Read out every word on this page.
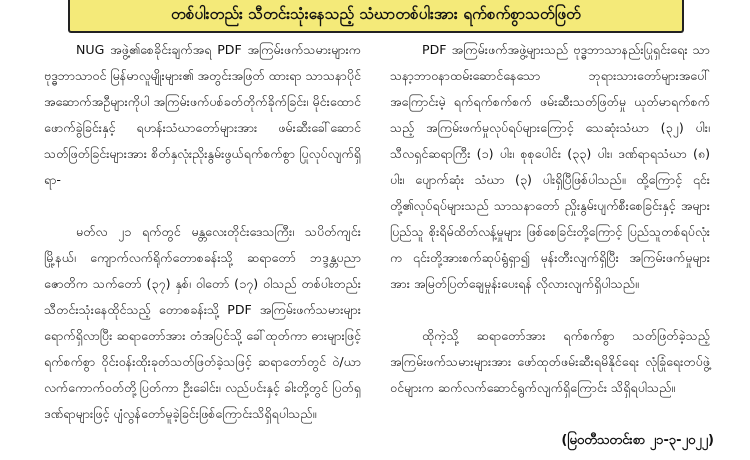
တစ်ပါးတည်း သီတင်းသုံးနေသည့် သံဃာတစ်ပါးအား ရက်စက်စွာသတ်ဖြတ်

NUG အဖွဲ့၏စေခိုင်းချက်အရ PDF အကြမ်းဖက်သမားများက ဗုဒ္ဓဘာသာဝင် မြန်မာလူမျိုးများ၏ အတွင်းအဖြတ် ထားရာ သာသနာပိုင်အဆောက်အဦများကိုပါ အကြမ်းဖက်ပစ်ခတ်တိုက်ခိုက်ခြင်း၊ မိုင်းထောင်ဖောက်ခွဲခြင်းနှင့် ရဟန်းသံဃာတော်များအား ဖမ်းဆီးခေါ်ဆောင်သတ်ဖြတ်ခြင်းများအား စိတ်နှလုံးညိုးနွမ်းဖွယ်ရက်စက်စွာ ပြုလုပ်လျက်ရှိရာ-

မတ်လ ၂၁ ရက်တွင် မန္တလေးတိုင်းဒေသကြီး၊ သပိတ်ကျင်းမြို့နယ်၊ ကျောက်လက်ရိုက်တောစခန်းသို့ ဆရာတော် ဘဒ္ဒန္တပညာဇောတိက သက်တော် (၃၇) နှစ်၊ ဝါတော် (၁၇) ဝါသည် တစ်ပါးတည်း သီတင်းသုံးနေထိုင်သည့် တောစခန်းသို့ PDF အကြမ်းဖက်သမားများ ရောက်ရှိလာပြီး ဆရာတော်အား တံအပြင်သို့ ခေါ်ထုတ်ကာ ဓားများဖြင့် ရက်စက်စွာ ဝိုင်းဝန်းထိုးခုတ်သတ်ဖြတ်ခဲ့သဖြင့် ဆရာတော်တွင် ဝဲ/ယာ လက်ကောက်ဝတ်တို့ပြတ်ကာ ဦးခေါင်း၊ လည်ပင်းနှင့် ခါးတို့တွင် ပြတ်ရှဒဏ်ရာများဖြင့် ပျံလွန်တော်မူခဲ့ခြင်းဖြစ်ကြောင်းသိရှိရပါသည်။

PDF အကြမ်းဖက်အဖွဲ့များသည် ဗုဒ္ဓဘာသာနည်းပြုရှင်းရေး သာသနာ့ဘာဝနာထမ်းဆောင်နေသော ဘုရားသားတော်များအပေါ် အကြောင်းမဲ့ ရက်ရက်စက်စက် ဖမ်းဆီးသတ်ဖြတ်မှု ယုတ်မာရက်စက်သည့် အကြမ်းဖက်မှုလုပ်ရပ်များကြောင့် သေဆုံးသံဃာ (၃၂) ပါး၊ သီလရှင်ဆရာကြီး (၁) ပါး၊ စုစုပေါင်း (၃၃) ပါး၊ ဒဏ်ရာရသံဃာ (၈) ပါး၊ ပျောက်ဆုံး သံဃာ (၃) ပါးရှိပြီဖြစ်ပါသည်။ ထို့ကြောင့် ၎င်းတို့၏လုပ်ရပ်များသည် သာသနာတော် ညှိုးနွမ်းပျက်စီးစေခြင်းနှင့် အများပြည်သူ စိုးရိမ်ထိတ်လန့်မှုများ ဖြစ်စေခြင်းတို့ကြောင့် ပြည်သူတစ်ရပ်လုံးက ၎င်းတို့အားစက်ဆုပ်ရွံရှာ၍ မုန်းတီးလျက်ရှိပြီး အကြမ်းဖက်မှုများအား အမြတ်ပြတ်ချေမှုန်းပေးရန် လိုလားလျက်ရှိပါသည်။

ထိုကဲ့သို့ ဆရာတော်အား ရက်စက်စွာ သတ်ဖြတ်ခဲ့သည့် အကြမ်းဖက်သမားများအား ဖော်ထုတ်ဖမ်းဆီးရမိနိုင်ရေး လုံခြုံရေးတပ်ဖွဲ့ဝင်များက ဆက်လက်ဆောင်ရွက်လျက်ရှိကြောင်း သိရှိရပါသည်။

(မြဝတီသတင်းစာ ၂၁-၃-၂၀၂၂)
